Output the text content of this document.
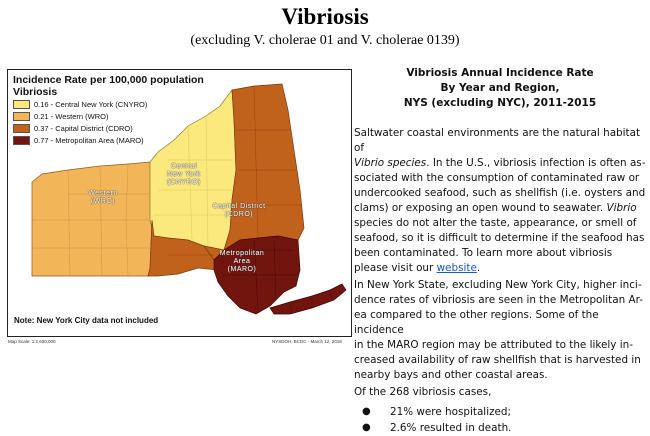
Vibriosis
(excluding V. cholerae 01 and V. cholerae 0139)
Incidence Rate per 100,000 population
Vibriosis
0.16 - Central New York (CNYRO)
0.21 - Western (WRO)
0.37 - Capital District (CDRO)
0.77 - Metropolitan Area (MARO)
Western
(WRO)
Central
New York
(CNYRO)
Capital District
(CDRO)
Metropolitan
Area
(MARO)
Note: New York City data not included
Map Scale: 1:2,600,000	NYSDOH, BCDC - March 12, 2018
Vibriosis Annual Incidence Rate
By Year and Region,
NYS (excluding NYC), 2011-2015
Saltwater coastal environments are the natural habitat of
Vibrio species. In the U.S., vibriosis infection is often as-
sociated with the consumption of contaminated raw or
undercooked seafood, such as shellfish (i.e. oysters and
clams) or exposing an open wound to seawater. Vibrio
species do not alter the taste, appearance, or smell of
seafood, so it is difficult to determine if the seafood has
been contaminated. To learn more about vibriosis
please visit our website.
In New York State, excluding New York City, higher inci-
dence rates of vibriosis are seen in the Metropolitan Ar-
ea compared to the other regions. Some of the incidence
in the MARO region may be attributed to the likely in-
creased availability of raw shellfish that is harvested in
nearby bays and other coastal areas.
Of the 268 vibriosis cases,
● 21% were hospitalized;
● 2.6% resulted in death.
